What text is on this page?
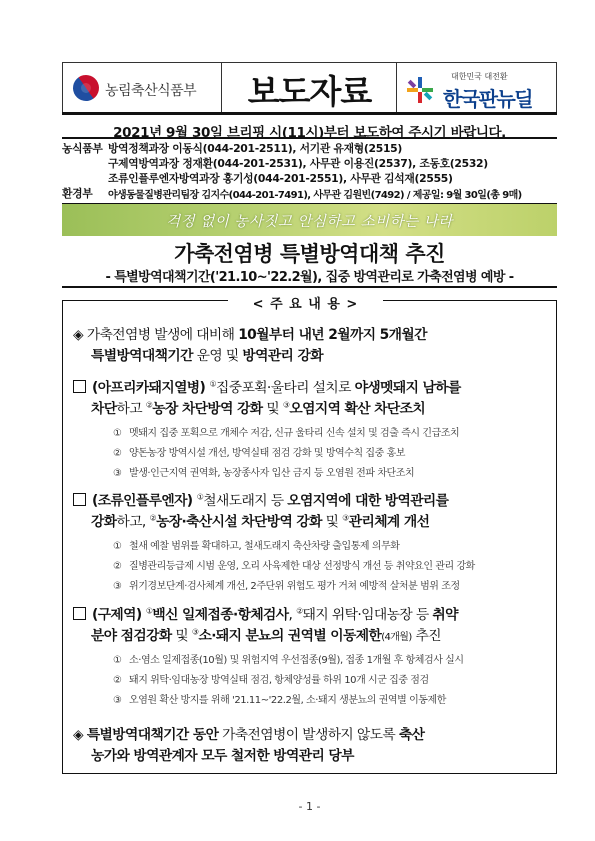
농림축산식품부	보도자료	대한민국 대전환
한국판뉴딜
2021년 9월 30일 브리핑 시(11시)부터 보도하여 주시기 바랍니다.
농식품부 방역정책과장 이동식(044-201-2511), 서기관 유재형(2515)
구제역방역과장 정재환(044-201-2531), 사무관 이용진(2537), 조동호(2532)
조류인플루엔자방역과장 홍기성(044-201-2551), 사무관 김석재(2555)
환경부 야생동물질병관리팀장 김지수(044-201-7491), 사무관 김원빈(7492) / 제공일: 9월 30일(총 9매)
걱정 없이 농사짓고 안심하고 소비하는 나라
가축전염병 특별방역대책 추진
- 특별방역대책기간('21.10~'22.2월), 집중 방역관리로 가축전염병 예방 -
< 주 요 내 용 >
◈ 가축전염병 발생에 대비해 10월부터 내년 2월까지 5개월간
특별방역대책기간 운영 및 방역관리 강화
(아프리카돼지열병) ①집중포획·울타리 설치로 야생멧돼지 남하를
차단하고 ②농장 차단방역 강화 및 ③오염지역 확산 차단조치
① 멧돼지 집중 포획으로 개체수 저감, 신규 울타리 신속 설치 및 검출 즉시 긴급조치
② 양돈농장 방역시설 개선, 방역실태 점검 강화 및 방역수칙 집중 홍보
③ 발생·인근지역 권역화, 농장종사자 입산 금지 등 오염원 전파 차단조치
(조류인플루엔자) ①철새도래지 등 오염지역에 대한 방역관리를
강화하고, ②농장·축산시설 차단방역 강화 및 ③관리체계 개선
① 철새 예찰 범위를 확대하고, 철새도래지 축산차량 출입통제 의무화
② 질병관리등급제 시범 운영, 오리 사육제한 대상 선정방식 개선 등 취약요인 관리 강화
③ 위기경보단계·검사체계 개선, 2주단위 위험도 평가 거쳐 예방적 살처분 범위 조정
(구제역) ①백신 일제접종·항체검사, ②돼지 위탁·임대농장 등 취약
분야 점검강화 및 ③소·돼지 분뇨의 권역별 이동제한(4개월) 추진
① 소·염소 일제접종(10월) 및 위험지역 우선접종(9월), 접종 1개월 후 항체검사 실시
② 돼지 위탁·임대농장 방역실태 점검, 항체양성률 하위 10개 시군 집중 점검
③ 오염원 확산 방지를 위해 '21.11~'22.2월, 소·돼지 생분뇨의 권역별 이동제한
◈ 특별방역대책기간 동안 가축전염병이 발생하지 않도록 축산
농가와 방역관계자 모두 철저한 방역관리 당부
- 1 -
